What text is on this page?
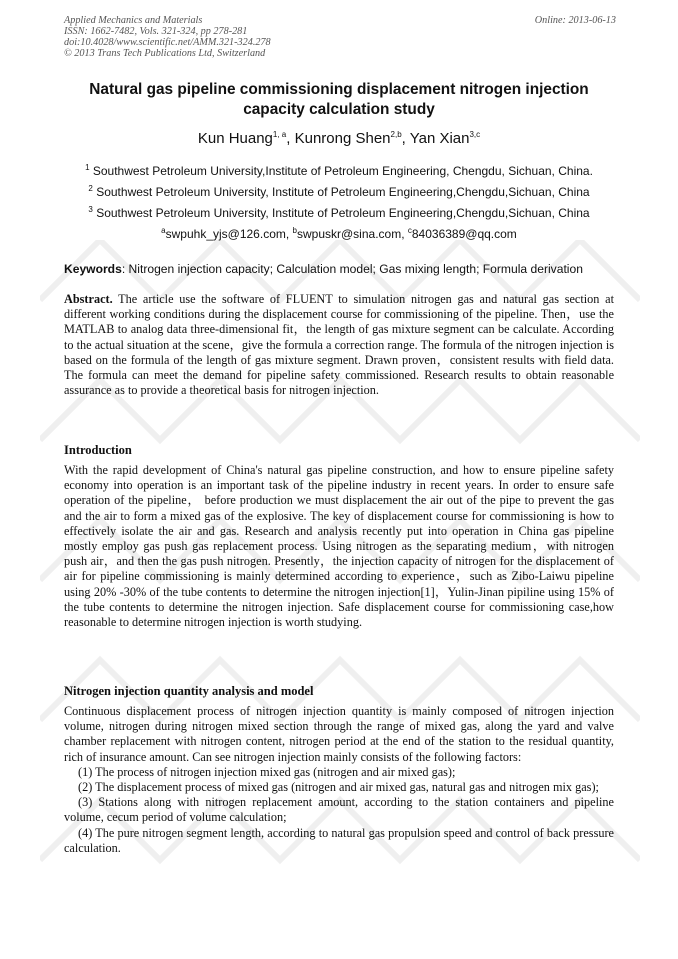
Applied Mechanics and Materials
ISSN: 1662-7482, Vols. 321-324, pp 278-281
doi:10.4028/www.scientific.net/AMM.321-324.278
© 2013 Trans Tech Publications Ltd, Switzerland
Online: 2013-06-13
Natural gas pipeline commissioning displacement nitrogen injection capacity calculation study
Kun Huang$^{1, a}$, Kunrong Shen$^{2,b}$, Yan Xian$^{3,c}$
$^1$ Southwest Petroleum University,Institute of Petroleum Engineering, Chengdu, Sichuan, China.
$^2$ Southwest Petroleum University, Institute of Petroleum Engineering,Chengdu,Sichuan, China
$^3$ Southwest Petroleum University, Institute of Petroleum Engineering,Chengdu,Sichuan, China
$^a$swpuhk_yjs@126.com, $^b$swpuskr@sina.com, $^c$84036389@qq.com
Keywords: Nitrogen injection capacity; Calculation model; Gas mixing length; Formula derivation
Abstract. The article use the software of FLUENT to simulation nitrogen gas and natural gas section at different working conditions during the displacement course for commissioning of the pipeline. Then，use the MATLAB to analog data three-dimensional fit，the length of gas mixture segment can be calculate. According to the actual situation at the scene，give the formula a correction range. The formula of the nitrogen injection is based on the formula of the length of gas mixture segment. Drawn proven，consistent results with field data. The formula can meet the demand for pipeline safety commissioned. Research results to obtain reasonable assurance as to provide a theoretical basis for nitrogen injection.
Introduction
With the rapid development of China's natural gas pipeline construction, and how to ensure pipeline safety economy into operation is an important task of the pipeline industry in recent years. In order to ensure safe operation of the pipeline， before production we must displacement the air out of the pipe to prevent the gas and the air to form a mixed gas of the explosive. The key of displacement course for commissioning is how to effectively isolate the air and gas. Research and analysis recently put into operation in China gas pipeline mostly employ gas push gas replacement process. Using nitrogen as the separating medium，with nitrogen push air，and then the gas push nitrogen. Presently，the injection capacity of nitrogen for the displacement of air for pipeline commissioning is mainly determined according to experience，such as Zibo-Laiwu pipeline using 20% -30% of the tube contents to determine the nitrogen injection[1]，Yulin-Jinan pipiline using 15% of the tube contents to determine the nitrogen injection. Safe displacement course for commissioning case,how reasonable to determine nitrogen injection is worth studying.
Nitrogen injection quantity analysis and model

Continuous displacement process of nitrogen injection quantity is mainly composed of nitrogen injection volume, nitrogen during nitrogen mixed section through the range of mixed gas, along the yard and valve chamber replacement with nitrogen content, nitrogen period at the end of the station to the residual quantity, rich of insurance amount. Can see nitrogen injection mainly consists of the following factors:

(1) The process of nitrogen injection mixed gas (nitrogen and air mixed gas);

(2) The displacement process of mixed gas (nitrogen and air mixed gas, natural gas and nitrogen mix gas);

(3) Stations along with nitrogen replacement amount, according to the station containers and pipeline volume, cecum period of volume calculation;

(4) The pure nitrogen segment length, according to natural gas propulsion speed and control of back pressure calculation.
